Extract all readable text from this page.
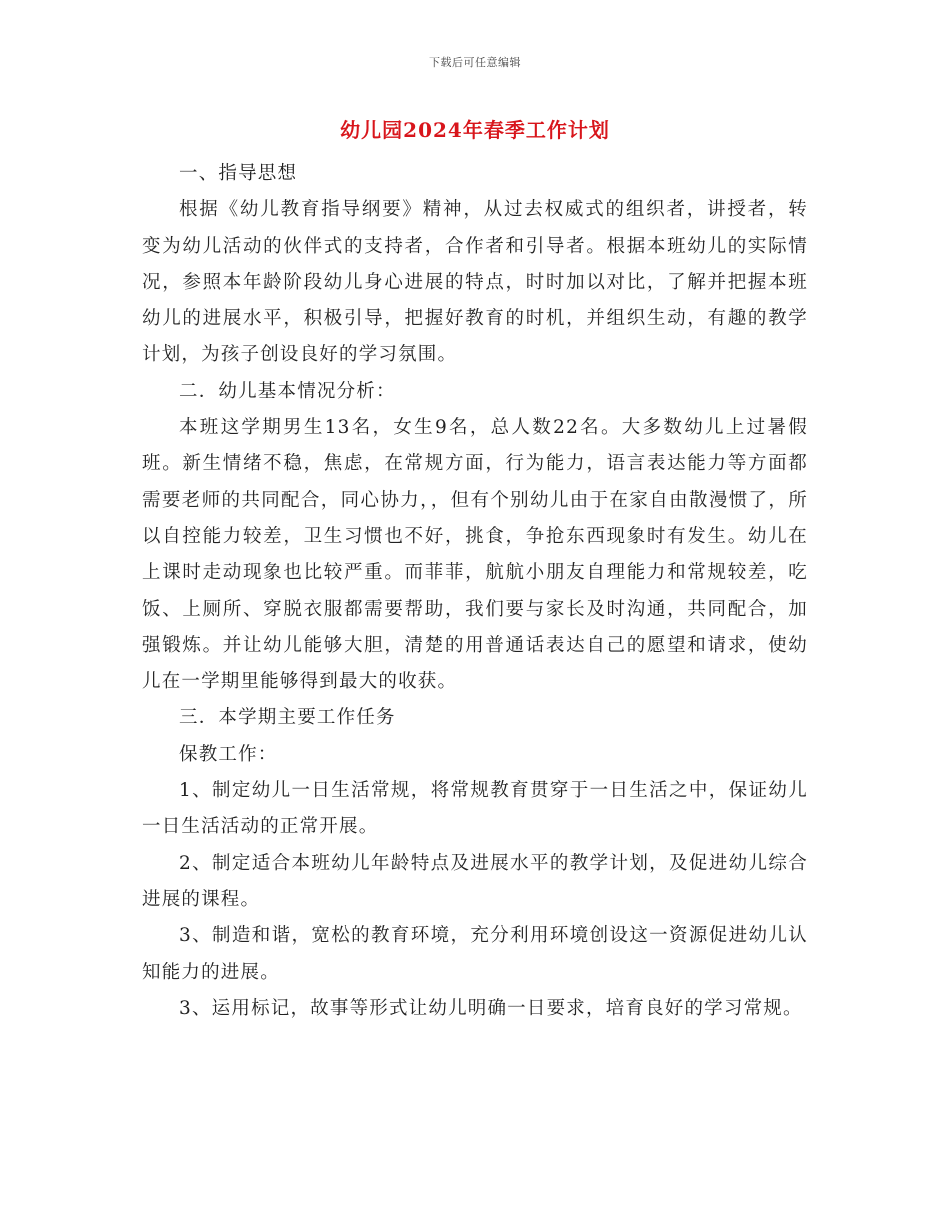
下载后可任意编辑
幼儿园2024年春季工作计划

一、指导思想

根据《幼儿教育指导纲要》精神，从过去权威式的组织者，讲授者，转变为幼儿活动的伙伴式的支持者，合作者和引导者。根据本班幼儿的实际情况，参照本年龄阶段幼儿身心进展的特点，时时加以对比，了解并把握本班幼儿的进展水平，积极引导，把握好教育的时机，并组织生动，有趣的教学计划，为孩子创设良好的学习氛围。

二．幼儿基本情况分析：

本班这学期男生13名，女生9名，总人数22名。大多数幼儿上过暑假班。新生情绪不稳，焦虑，在常规方面，行为能力，语言表达能力等方面都需要老师的共同配合，同心协力，，但有个别幼儿由于在家自由散漫惯了，所以自控能力较差，卫生习惯也不好，挑食，争抢东西现象时有发生。幼儿在上课时走动现象也比较严重。而菲菲，航航小朋友自理能力和常规较差，吃饭、上厕所、穿脱衣服都需要帮助，我们要与家长及时沟通，共同配合，加强锻炼。并让幼儿能够大胆，清楚的用普通话表达自己的愿望和请求，使幼儿在一学期里能够得到最大的收获。

三．本学期主要工作任务

保教工作：

1、制定幼儿一日生活常规，将常规教育贯穿于一日生活之中，保证幼儿一日生活活动的正常开展。

2、制定适合本班幼儿年龄特点及进展水平的教学计划，及促进幼儿综合进展的课程。

3、制造和谐，宽松的教育环境，充分利用环境创设这一资源促进幼儿认知能力的进展。

3、运用标记，故事等形式让幼儿明确一日要求，培育良好的学习常规。
